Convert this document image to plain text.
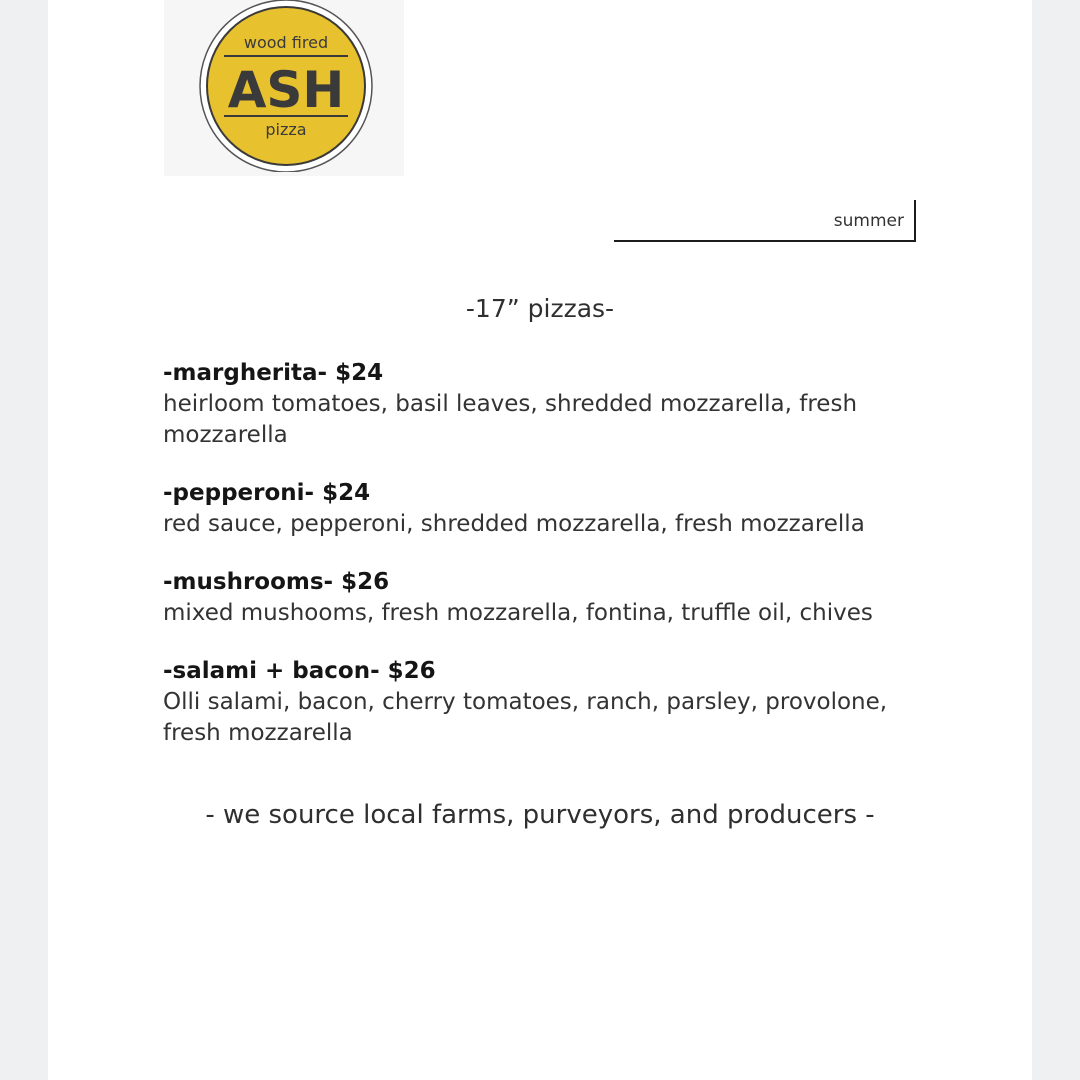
wood fired
ASH
pizza
summer
-17” pizzas-
-margherita- $24
heirloom tomatoes, basil leaves, shredded mozzarella, fresh mozzarella
-pepperoni- $24
red sauce, pepperoni, shredded mozzarella, fresh mozzarella
-mushrooms- $26
mixed mushooms, fresh mozzarella, fontina, truffle oil, chives
-salami + bacon- $26
Olli salami, bacon, cherry tomatoes, ranch, parsley, provolone, fresh mozzarella
- we source local farms, purveyors, and producers -
